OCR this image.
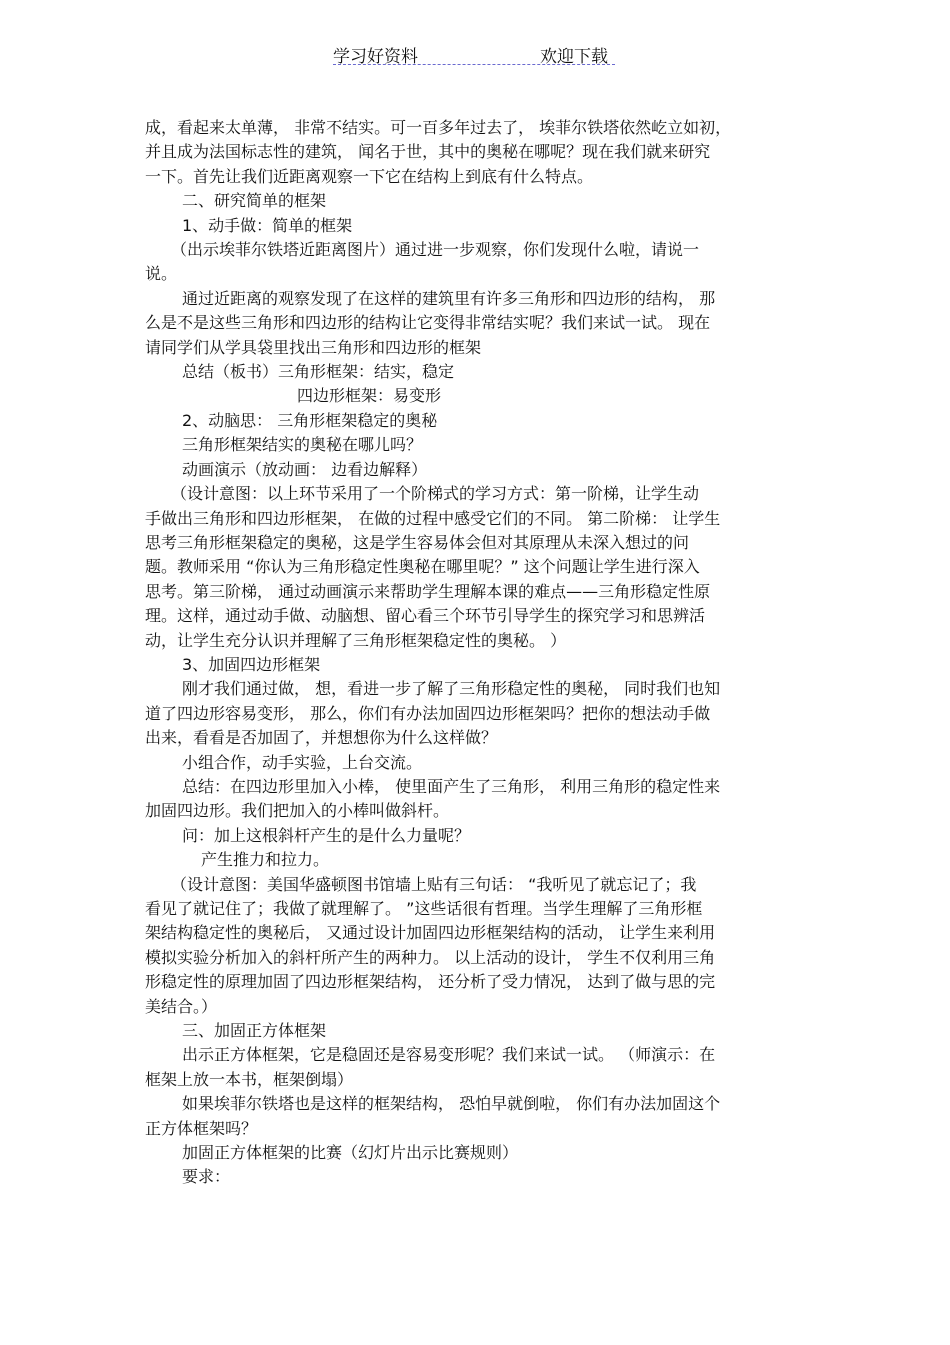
学习好资料	欢迎下载

成，看起来太单薄， 非常不结实。可一百多年过去了， 埃菲尔铁塔依然屹立如初，

并且成为法国标志性的建筑， 闻名于世，其中的奥秘在哪呢？现在我们就来研究

一下。首先让我们近距离观察一下它在结构上到底有什么特点。

二、研究简单的框架

1、动手做：简单的框架

（出示埃菲尔铁塔近距离图片）通过进一步观察，你们发现什么啦，请说一

说。

通过近距离的观察发现了在这样的建筑里有许多三角形和四边形的结构， 那

么是不是这些三角形和四边形的结构让它变得非常结实呢？我们来试一试。 现在

请同学们从学具袋里找出三角形和四边形的框架

总结（板书）三角形框架：结实，稳定

四边形框架：易变形

2、动脑思： 三角形框架稳定的奥秘

三角形框架结实的奥秘在哪儿吗？

动画演示（放动画： 边看边解释）

（设计意图：以上环节采用了一个阶梯式的学习方式：第一阶梯，让学生动

手做出三角形和四边形框架， 在做的过程中感受它们的不同。 第二阶梯： 让学生

思考三角形框架稳定的奥秘，这是学生容易体会但对其原理从未深入想过的问

题。教师采用 “你认为三角形稳定性奥秘在哪里呢？” 这个问题让学生进行深入

思考。第三阶梯， 通过动画演示来帮助学生理解本课的难点——三角形稳定性原

理。这样，通过动手做、动脑想、留心看三个环节引导学生的探究学习和思辨活

动，让学生充分认识并理解了三角形框架稳定性的奥秘。 ）

3、加固四边形框架

刚才我们通过做， 想，看进一步了解了三角形稳定性的奥秘， 同时我们也知

道了四边形容易变形， 那么，你们有办法加固四边形框架吗？把你的想法动手做

出来，看看是否加固了，并想想你为什么这样做？

小组合作，动手实验，上台交流。

总结：在四边形里加入小棒， 使里面产生了三角形， 利用三角形的稳定性来

加固四边形。我们把加入的小棒叫做斜杆。

问：加上这根斜杆产生的是什么力量呢？

产生推力和拉力。

（设计意图：美国华盛顿图书馆墙上贴有三句话： “我听见了就忘记了；我

看见了就记住了；我做了就理解了。 ”这些话很有哲理。当学生理解了三角形框

架结构稳定性的奥秘后， 又通过设计加固四边形框架结构的活动， 让学生来利用

模拟实验分析加入的斜杆所产生的两种力。 以上活动的设计， 学生不仅利用三角

形稳定性的原理加固了四边形框架结构， 还分析了受力情况， 达到了做与思的完

美结合。）

三、加固正方体框架

出示正方体框架，它是稳固还是容易变形呢？我们来试一试。 （师演示：在

框架上放一本书，框架倒塌）

如果埃菲尔铁塔也是这样的框架结构， 恐怕早就倒啦， 你们有办法加固这个

正方体框架吗？

加固正方体框架的比赛（幻灯片出示比赛规则）

要求：
